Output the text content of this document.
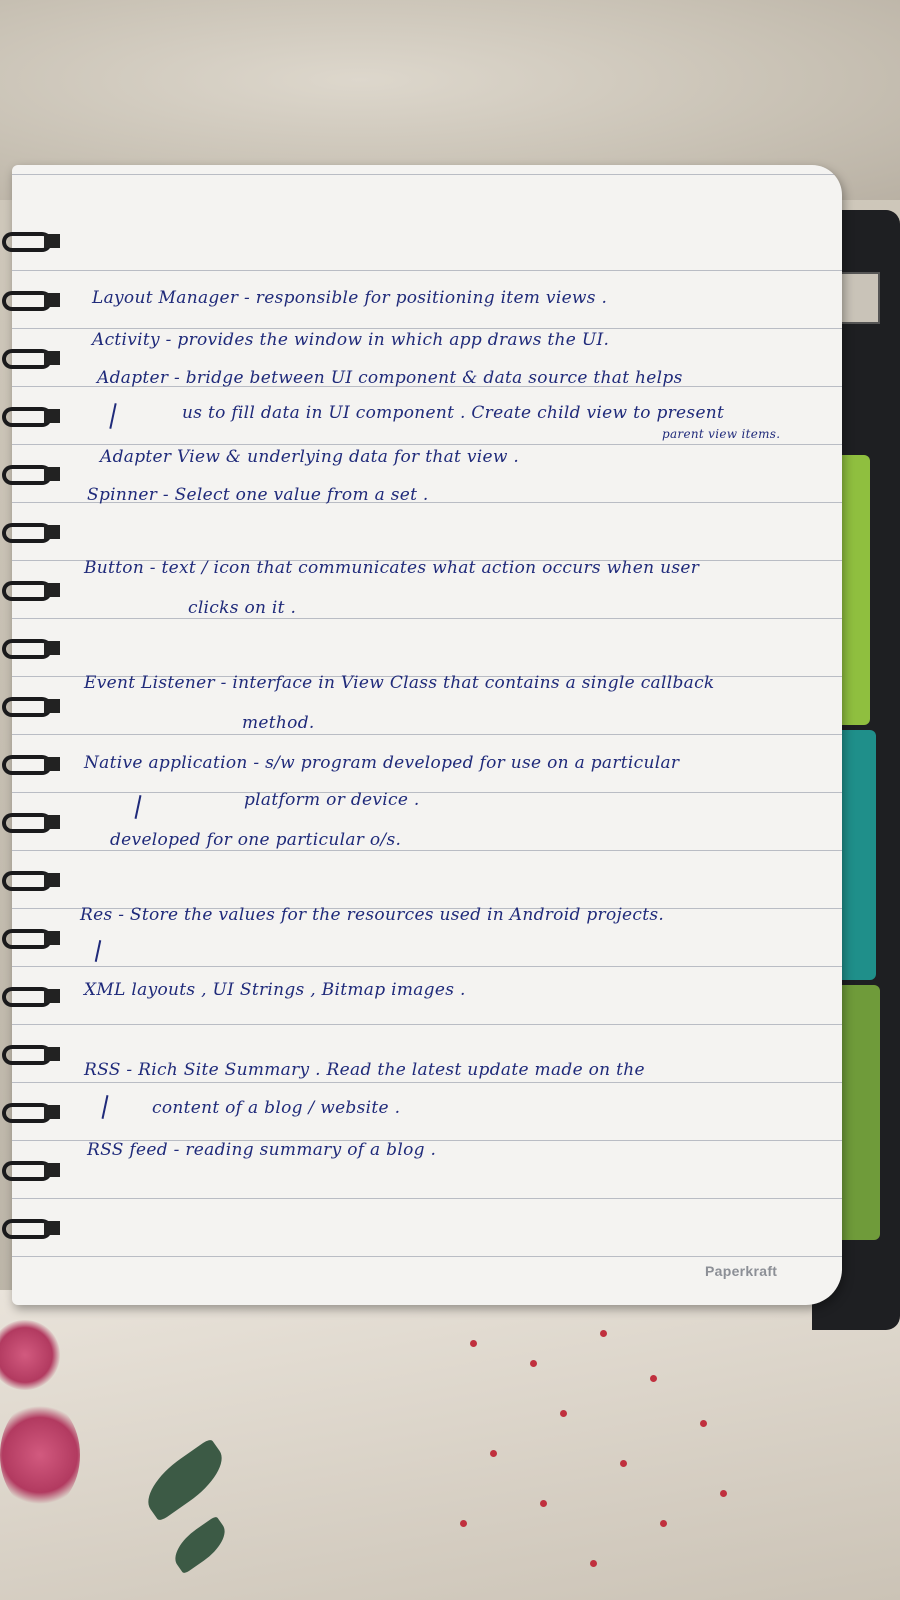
Layout Manager - responsible for positioning item views .
Activity - provides the window in which app draws the UI.
Adapter - bridge between UI component & data source that helps
us to fill data in UI component . Create child view to present
parent view items.
Adapter View & underlying data for that view .
Spinner - Select one value from a set .
Button - text / icon that communicates what action occurs when user
clicks on it .
Event Listener - interface in View Class that contains a single callback
method.
Native application - s/w program developed for use on a particular
platform or device .
developed for one particular o/s.
Res - Store the values for the resources used in Android projects.
XML layouts , UI Strings , Bitmap images .
RSS - Rich Site Summary . Read the latest update made on the
content of a blog / website .
RSS feed - reading summary of a blog .
Paperkraft
